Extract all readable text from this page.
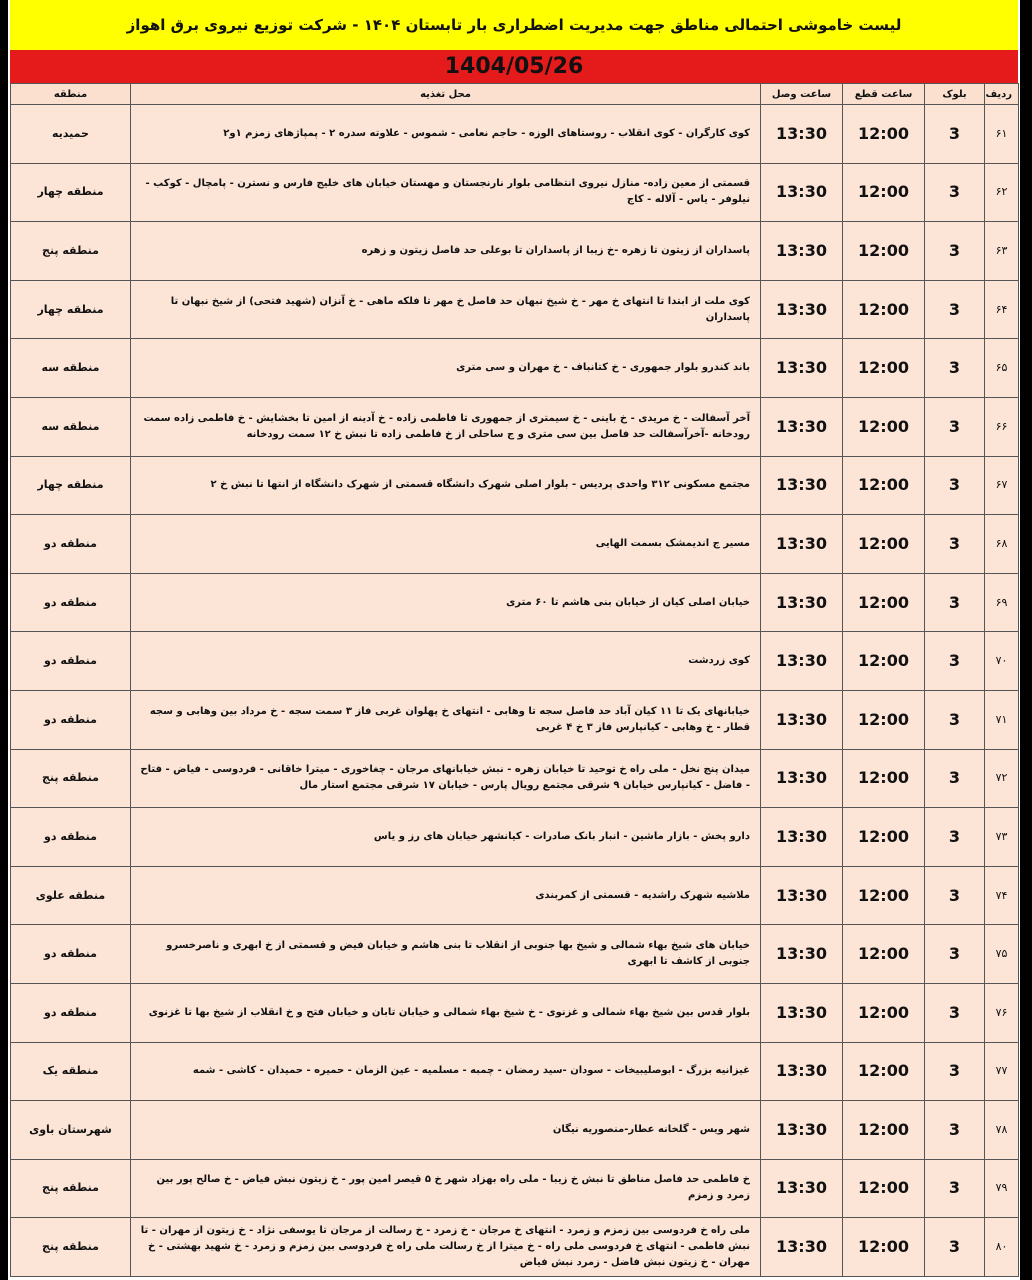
لیست خاموشی احتمالی مناطق جهت مدیریت اضطراری بار تابستان ۱۴۰۴ - شرکت توزیع نیروی برق اهواز
1404/05/26
ردیف	بلوک	ساعت قطع	ساعت وصل	محل تغذیه	منطقه
۶۱	3	12:00	13:30	کوی کارگران - کوی انقلاب - روستاهای الوزه - حاجم نعامی - شموس - علاوته سدره ۲ - پمپاژهای زمزم ۱و۲	حمیدیه
۶۲	3	12:00	13:30	قسمتی از معین زاده- منازل نیروی انتظامی بلوار نارنجستان و مهستان خیابان های خلیج فارس و نسترن - پامچال - کوکب - نیلوفر - یاس - آلاله - کاج	منطقه چهار
۶۳	3	12:00	13:30	پاسداران از زیتون تا زهره -خ زیبا از پاسداران تا بوعلی حد فاصل زیتون و زهره	منطقه پنج
۶۴	3	12:00	13:30	کوی ملت از ابتدا تا انتهای خ مهر - خ شیخ نبهان حد فاصل خ مهر تا فلکه ماهی - خ آنزان (شهید فتحی) از شیخ نبهان تا پاسداران	منطقه چهار
۶۵	3	12:00	13:30	باند کندرو بلوار جمهوری - خ کتانباف - خ مهران و سی متری	منطقه سه
۶۶	3	12:00	13:30	آخر آسفالت - خ مریدی - خ باینی - خ سیمتری از جمهوری تا فاطمی زاده - خ آدینه از امین تا بخشایش - خ فاطمی زاده سمت رودخانه -آخرآسفالت حد فاصل بین سی متری و ج ساحلی از خ فاطمی زاده تا نبش خ ۱۲ سمت رودخانه	منطقه سه
۶۷	3	12:00	13:30	مجتمع مسکونی ۳۱۲ واحدی پردیس - بلوار اصلی شهرک دانشگاه قسمتی از شهرک دانشگاه از انتها تا نبش خ ۲	منطقه چهار
۶۸	3	12:00	13:30	مسیر ج اندیمشک بسمت الهایی	منطقه دو
۶۹	3	12:00	13:30	خیابان اصلی کیان از خیابان بنی هاشم تا ۶۰ متری	منطقه دو
۷۰	3	12:00	13:30	کوی زردشت	منطقه دو
۷۱	3	12:00	13:30	خیابانهای یک تا ۱۱ کیان آباد حد فاصل سجه تا وهابی - انتهای خ پهلوان غربی فاز ۳ سمت سجه - خ مرداد بین وهابی و سجه قطار - خ وهابی - کیانپارس فاز ۳ خ ۴ غربی	منطقه دو
۷۲	3	12:00	13:30	میدان پنج نخل - ملی راه خ توحید تا خیابان زهره - نبش خیابانهای مرجان - چغاخوری - میترا خاقانی - فردوسی - فیاض - فتاح - فاضل - کیانپارس خیابان ۹ شرقی مجتمع رویال پارس - خیابان ۱۷ شرقی مجتمع استار مال	منطقه پنج
۷۳	3	12:00	13:30	دارو پخش - بازار ماشین - انبار بانک صادرات - کیانشهر خیابان های رز و یاس	منطقه دو
۷۴	3	12:00	13:30	ملاشیه شهرک راشدیه - قسمتی از کمربندی	منطقه علوی
۷۵	3	12:00	13:30	خیابان های شیخ بهاء شمالی و شیخ بها جنوبی از انقلاب تا بنی هاشم و خیابان فیض و قسمتی از خ ابهری و ناصرخسرو جنوبی از کاشف تا ابهری	منطقه دو
۷۶	3	12:00	13:30	بلوار قدس بین شیخ بهاء شمالی و غزنوی - خ شیخ بهاء شمالی و خیابان تابان و خیابان فتح و خ انقلاب از شیخ بها تا غزنوی	منطقه دو
۷۷	3	12:00	13:30	غیزانیه بزرگ - ابوصلیبیخات - سودان -سید رمضان - چمبه - مسلمیه - عین الزمان - حمیره - حمیدان - کاشی - شمه	منطقه یک
۷۸	3	12:00	13:30	شهر ویس - گلخانه عطار-منصوریه نیگان	شهرستان باوی
۷۹	3	12:00	13:30	خ فاطمی حد فاصل مناطق تا نبش خ زیبا - ملی راه بهزاد شهر خ ۵ قیصر امین پور - خ زیتون نبش فیاض - خ صالح پور بین زمرد و زمزم	منطقه پنج
۸۰	3	12:00	13:30	ملی راه خ فردوسی بین زمزم و زمرد - انتهای خ مرجان - خ زمرد - خ رسالت از مرجان تا یوسفی نژاد - خ زیتون از مهران - تا نبش فاطمی - انتهای خ فردوسی ملی راه - خ میترا از خ رسالت ملی راه خ فردوسی بین زمزم و زمرد - خ شهید بهشتی - خ مهران - خ زیتون نبش فاضل - زمرد نبش فیاض	منطقه پنج
